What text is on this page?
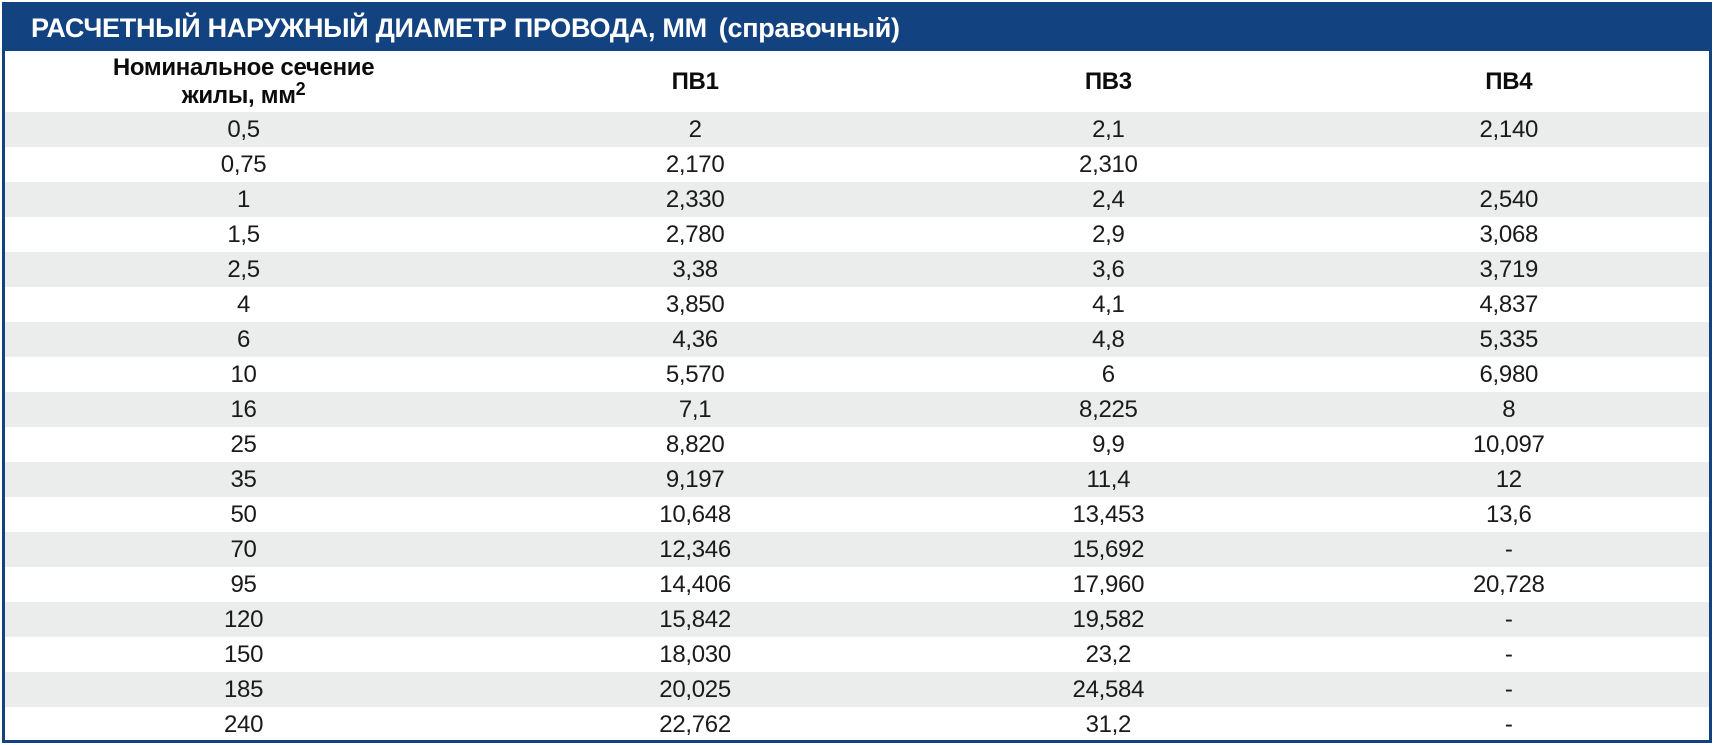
РАСЧЕТНЫЙ НАРУЖНЫЙ ДИАМЕТР ПРОВОДА, ММ (справочный)
Номинальное сечение
жилы, $мм^2$	ПВ1	ПВ3	ПВ4
0,5	2	2,1	2,140
0,75	2,170	2,310	
1	2,330	2,4	2,540
1,5	2,780	2,9	3,068
2,5	3,38	3,6	3,719
4	3,850	4,1	4,837
6	4,36	4,8	5,335
10	5,570	6	6,980
16	7,1	8,225	8
25	8,820	9,9	10,097
35	9,197	11,4	12
50	10,648	13,453	13,6
70	12,346	15,692	-
95	14,406	17,960	20,728
120	15,842	19,582	-
150	18,030	23,2	-
185	20,025	24,584	-
240	22,762	31,2	-
